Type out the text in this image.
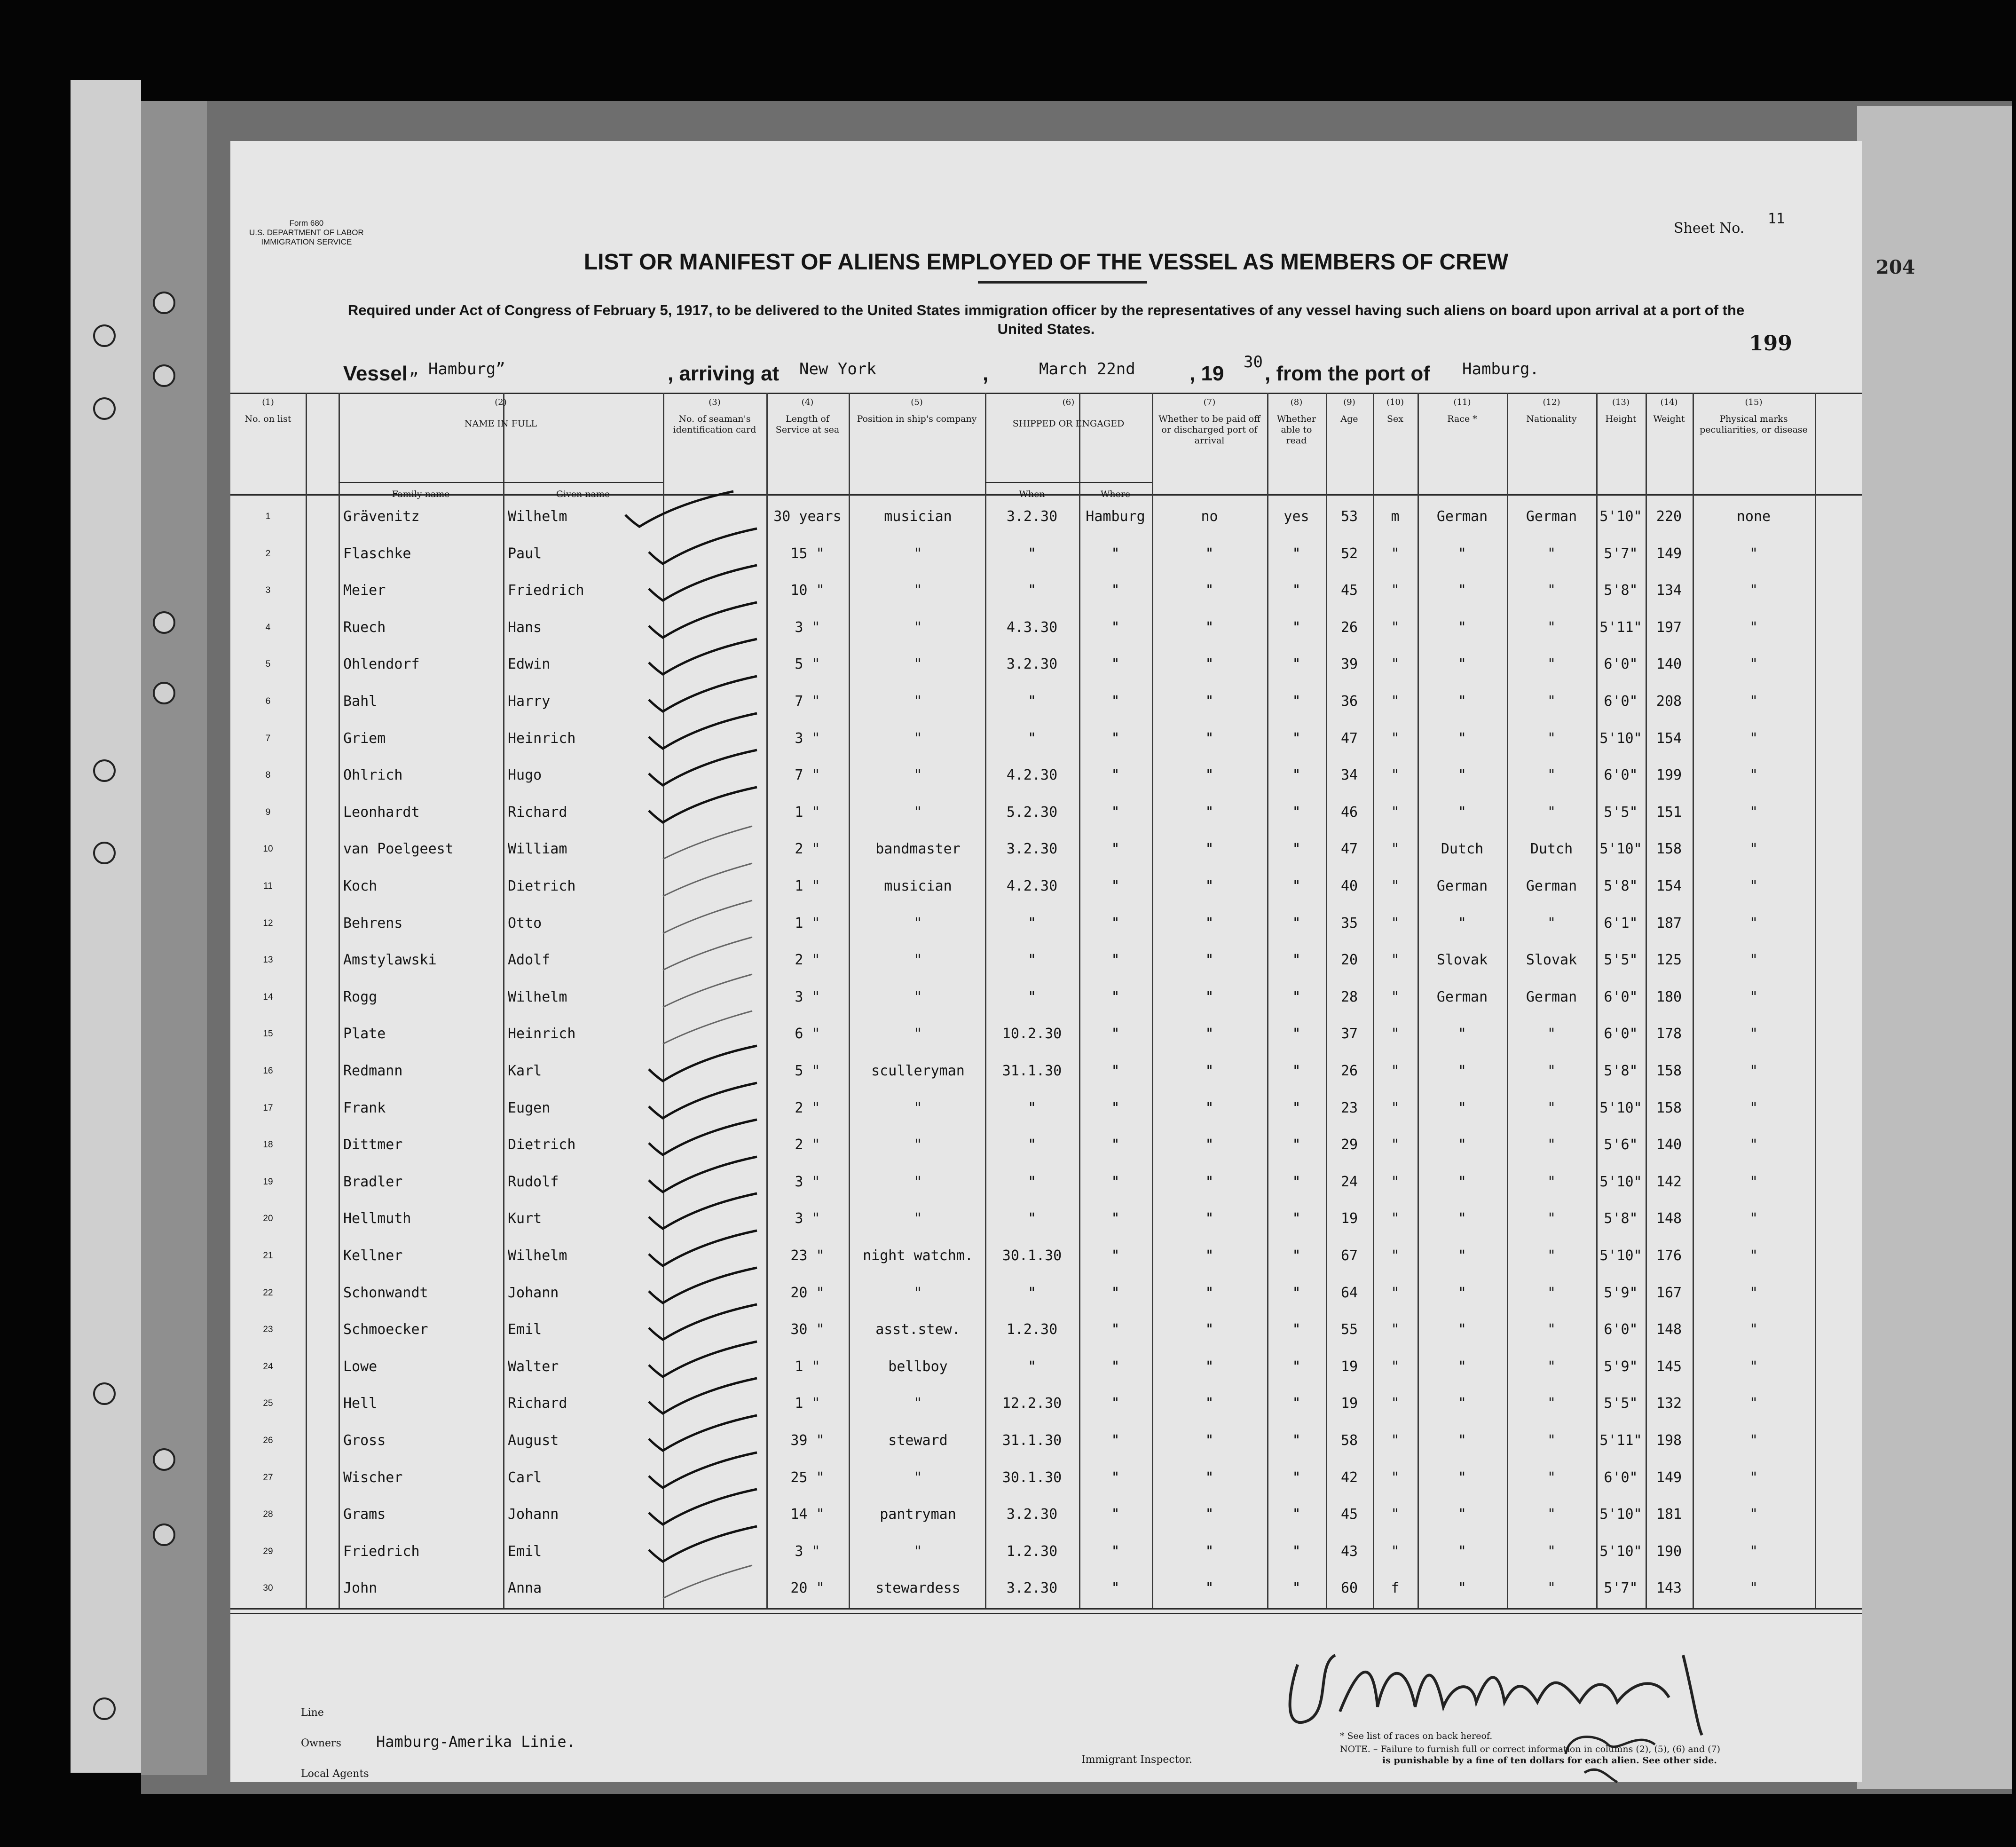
Form 680
U.S. DEPARTMENT OF LABOR
IMMIGRATION SERVICE
Sheet No.
11
204
LIST OR MANIFEST OF ALIENS EMPLOYED OF THE VESSEL AS MEMBERS OF CREW
Required under Act of Congress of February 5, 1917, to be delivered to the United States immigration officer by the representatives of any vessel having such aliens on board upon arrival at a port of the United States.
199
Vessel „ Hamburg”	, arriving at New York	,	March 22nd	, 19 30 , from the port of Hamburg.
(1)
No. on list
(2)
NAME IN FULL
(3)
No. of seaman's identification card
(4)
Length of Service at sea
(5)
Position in ship's company
(6)
SHIPPED OR ENGAGED
(7)
Whether to be paid off or discharged port of arrival
(8)
Whether able to read
(9)
Age
(10)
Sex
(11)
Race *
(12)
Nationality
(13)
Height
(14)
Weight
(15)
Physical marks peculiarities, or disease
Family name	Given name	When	Where
1	Grävenitz	Wilhelm	30 years	musician	3.2.30	Hamburg	no	yes	53	m	German	German	5'10"	220	none
2	Flaschke	Paul	15 "	"	"	"	"	"	52	"	"	"	5'7"	149	"
3	Meier	Friedrich	10 "	"	"	"	"	"	45	"	"	"	5'8"	134	"
4	Ruech	Hans	3 "	"	4.3.30	"	"	"	26	"	"	"	5'11"	197	"
5	Ohlendorf	Edwin	5 "	"	3.2.30	"	"	"	39	"	"	"	6'0"	140	"
6	Bahl	Harry	7 "	"	"	"	"	"	36	"	"	"	6'0"	208	"
7	Griem	Heinrich	3 "	"	"	"	"	"	47	"	"	"	5'10"	154	"
8	Ohlrich	Hugo	7 "	"	4.2.30	"	"	"	34	"	"	"	6'0"	199	"
9	Leonhardt	Richard	1 "	"	5.2.30	"	"	"	46	"	"	"	5'5"	151	"
10	van Poelgeest	William	2 "	bandmaster	3.2.30	"	"	"	47	"	Dutch	Dutch	5'10"	158	"
11	Koch	Dietrich	1 "	musician	4.2.30	"	"	"	40	"	German	German	5'8"	154	"
12	Behrens	Otto	1 "	"	"	"	"	"	35	"	"	"	6'1"	187	"
13	Amstylawski	Adolf	2 "	"	"	"	"	"	20	"	Slovak	Slovak	5'5"	125	"
14	Rogg	Wilhelm	3 "	"	"	"	"	"	28	"	German	German	6'0"	180	"
15	Plate	Heinrich	6 "	"	10.2.30	"	"	"	37	"	"	"	6'0"	178	"
16	Redmann	Karl	5 "	sculleryman	31.1.30	"	"	"	26	"	"	"	5'8"	158	"
17	Frank	Eugen	2 "	"	"	"	"	"	23	"	"	"	5'10"	158	"
18	Dittmer	Dietrich	2 "	"	"	"	"	"	29	"	"	"	5'6"	140	"
19	Bradler	Rudolf	3 "	"	"	"	"	"	24	"	"	"	5'10"	142	"
20	Hellmuth	Kurt	3 "	"	"	"	"	"	19	"	"	"	5'8"	148	"
21	Kellner	Wilhelm	23 "	night watchm.	30.1.30	"	"	"	67	"	"	"	5'10"	176	"
22	Schonwandt	Johann	20 "	"	"	"	"	"	64	"	"	"	5'9"	167	"
23	Schmoecker	Emil	30 "	asst.stew.	1.2.30	"	"	"	55	"	"	"	6'0"	148	"
24	Lowe	Walter	1 "	bellboy	"	"	"	"	19	"	"	"	5'9"	145	"
25	Hell	Richard	1 "	"	12.2.30	"	"	"	19	"	"	"	5'5"	132	"
26	Gross	August	39 "	steward	31.1.30	"	"	"	58	"	"	"	5'11"	198	"
27	Wischer	Carl	25 "	"	30.1.30	"	"	"	42	"	"	"	6'0"	149	"
28	Grams	Johann	14 "	pantryman	3.2.30	"	"	"	45	"	"	"	5'10"	181	"
29	Friedrich	Emil	3 "	"	1.2.30	"	"	"	43	"	"	"	5'10"	190	"
30	John	Anna	20 "	stewardess	3.2.30	"	"	"	60	f	"	"	5'7"	143	"
Line
Owners Hamburg-Amerika Linie.
Local Agents
Immigrant Inspector.
* See list of races on back hereof.
NOTE. – Failure to furnish full or correct information in columns (2), (5), (6) and (7)
is punishable by a fine of ten dollars for each alien. See other side.
